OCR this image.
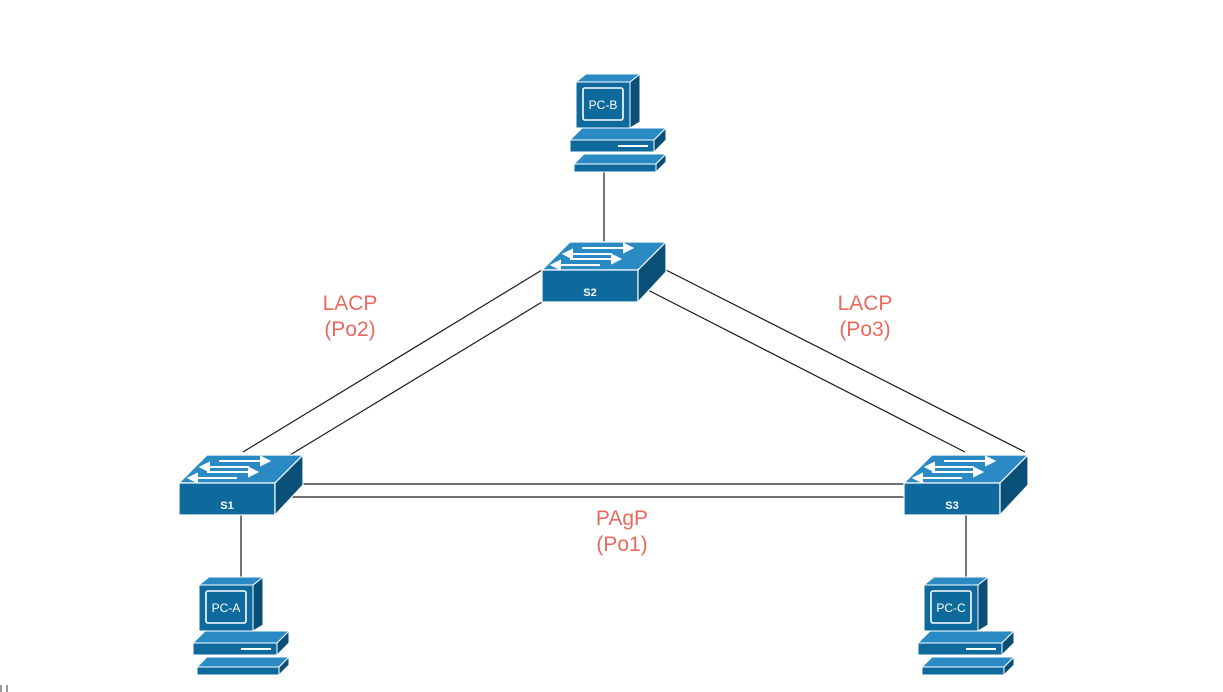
S2
S1	S3
PC-B
PC-A	PC-C
LACP
(Po2)
LACP
(Po3)
PAgP
(Po1)
